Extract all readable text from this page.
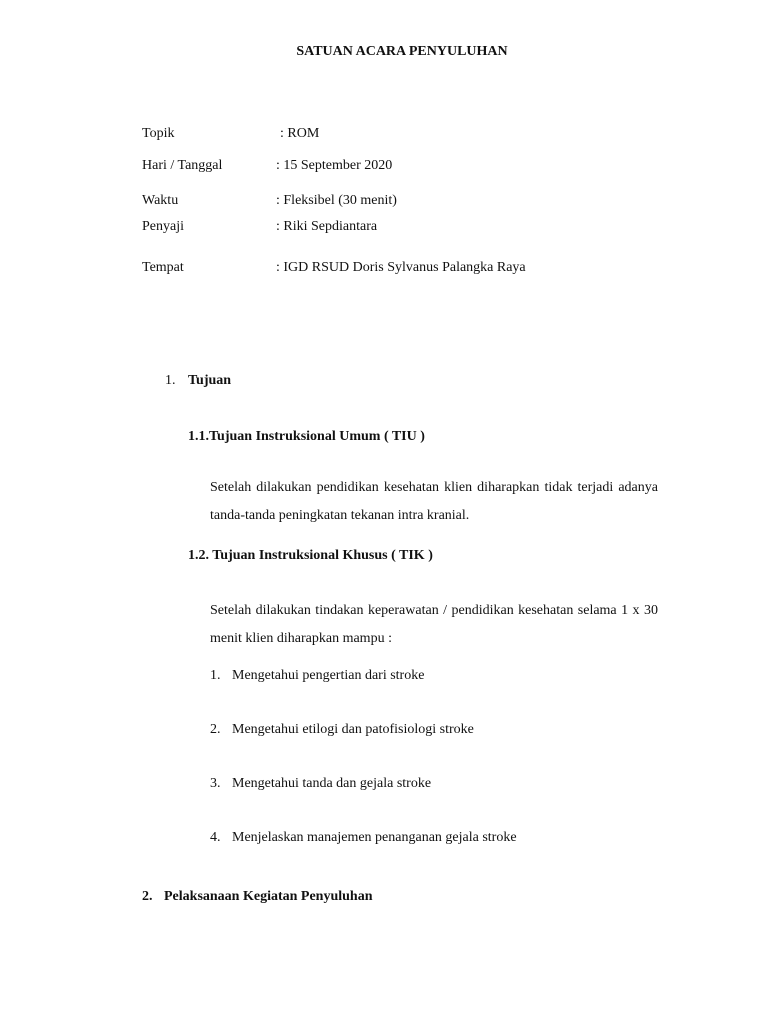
SATUAN ACARA PENYULUHAN
Topik	: ROM
Hari / Tanggal	: 15 September 2020
Waktu	: Fleksibel (30 menit)
Penyaji	: Riki Sepdiantara
Tempat	: IGD RSUD Doris Sylvanus Palangka Raya
1. Tujuan
1.1.Tujuan Instruksional Umum ( TIU )
Setelah dilakukan pendidikan kesehatan klien diharapkan tidak terjadi adanya tanda-tanda peningkatan tekanan intra kranial.
1.2. Tujuan Instruksional Khusus ( TIK )
Setelah dilakukan tindakan keperawatan / pendidikan kesehatan selama 1 x 30 menit klien diharapkan mampu :
1. Mengetahui pengertian dari stroke
2. Mengetahui etilogi dan patofisiologi stroke
3. Mengetahui tanda dan gejala stroke
4. Menjelaskan manajemen penanganan gejala stroke
2. Pelaksanaan Kegiatan Penyuluhan
